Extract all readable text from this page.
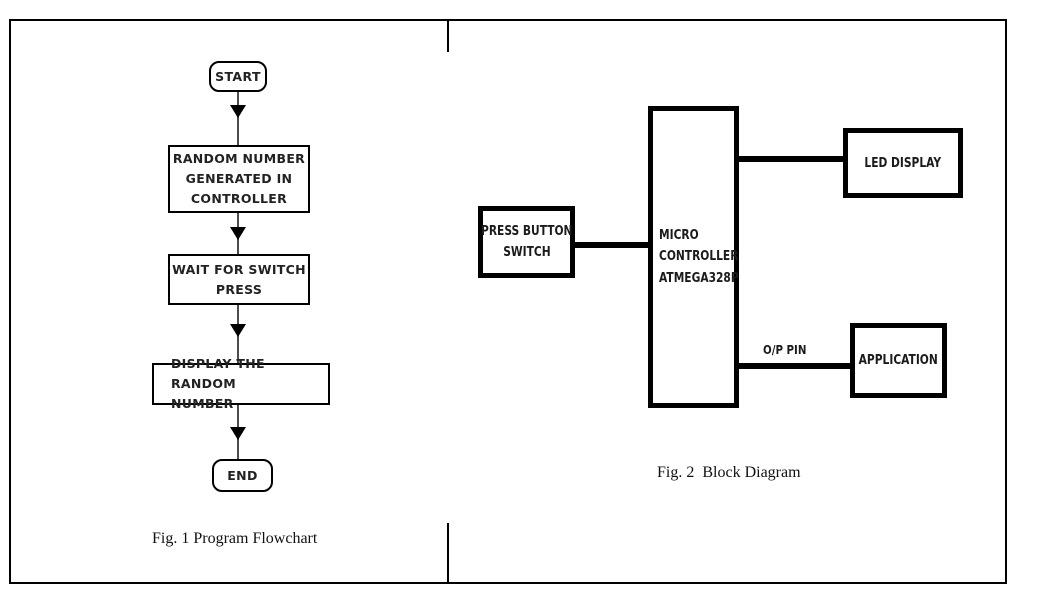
START
RANDOM NUMBER
GENERATED IN
CONTROLLER
WAIT FOR SWITCH
PRESS
DISPLAY THE RANDOM
NUMBER
END
Fig. 1 Program Flowchart
PRESS BUTTON
SWITCH
MICRO
CONTROLLER
ATMEGA328P
LED DISPLAY
O/P PIN
APPLICATION
Fig. 2  Block Diagram
